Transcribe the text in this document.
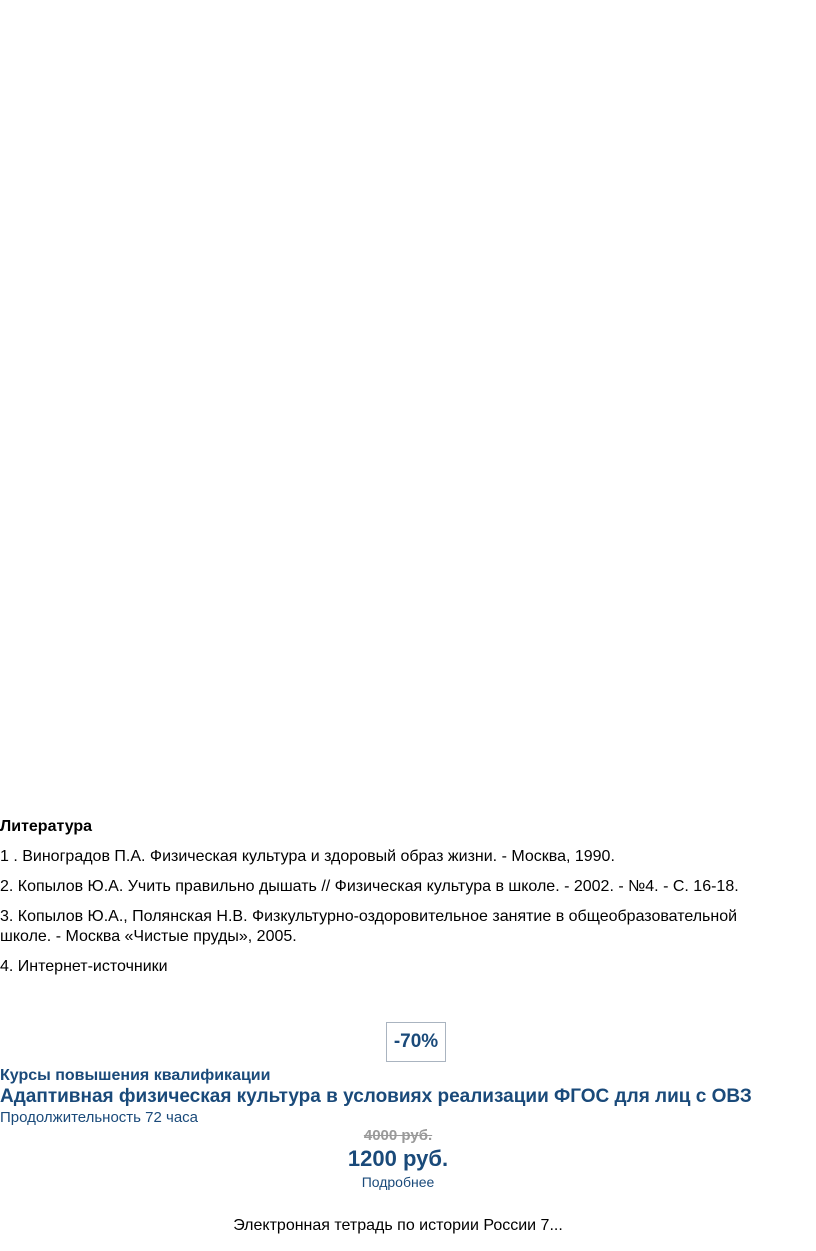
Литература
1 . Виноградов П.А. Физическая культура и здоровый образ жизни. - Москва, 1990.
2. Копылов Ю.А. Учить правильно дышать // Физическая культура в школе. - 2002. - №4. - С. 16-18.
3. Копылов Ю.А., Полянская Н.В. Физкультурно-оздоровительное занятие в общеобразовательной школе. - Москва «Чистые пруды», 2005.
4. Интернет-источники
-70%
Курсы повышения квалификации
Адаптивная физическая культура в условиях реализации ФГОС для лиц с ОВЗ
Продолжительность 72 часа
4000 руб.
1200 руб.
Подробнее
Электронная тетрадь по истории России 7...
